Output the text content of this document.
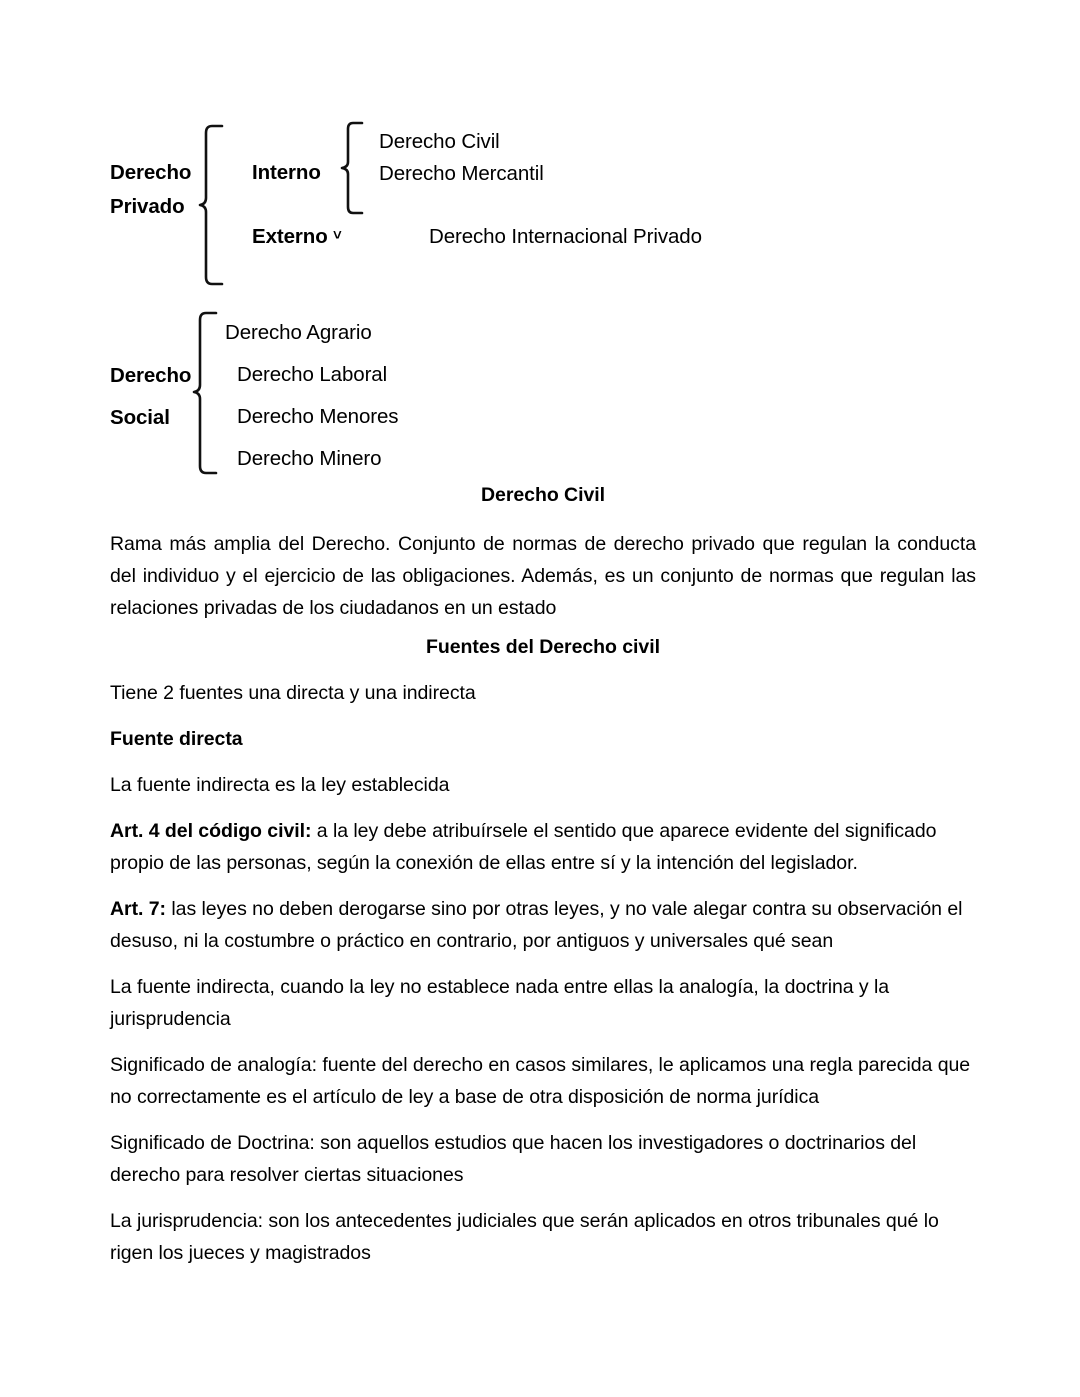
Derecho
Privado
Interno
Externo ˅
Derecho Civil
Derecho Mercantil
Derecho Internacional Privado
Derecho
Social
Derecho Agrario
Derecho Laboral
Derecho Menores
Derecho Minero
Derecho Civil

Rama más amplia del Derecho. Conjunto de normas de derecho privado que regulan la conducta del individuo y el ejercicio de las obligaciones. Además, es un conjunto de normas que regulan las relaciones privadas de los ciudadanos en un estado

Fuentes del Derecho civil

Tiene 2 fuentes una directa y una indirecta

Fuente directa

La fuente indirecta es la ley establecida

Art. 4 del código civil: a la ley debe atribuírsele el sentido que aparece evidente del significado propio de las personas, según la conexión de ellas entre sí y la intención del legislador.

Art. 7: las leyes no deben derogarse sino por otras leyes, y no vale alegar contra su observación el desuso, ni la costumbre o práctico en contrario, por antiguos y universales qué sean

La fuente indirecta, cuando la ley no establece nada entre ellas la analogía, la doctrina y la jurisprudencia

Significado de analogía: fuente del derecho en casos similares, le aplicamos una regla parecida que no correctamente es el artículo de ley a base de otra disposición de norma jurídica

Significado de Doctrina: son aquellos estudios que hacen los investigadores o doctrinarios del derecho para resolver ciertas situaciones

La jurisprudencia: son los antecedentes judiciales que serán aplicados en otros tribunales qué lo rigen los jueces y magistrados
